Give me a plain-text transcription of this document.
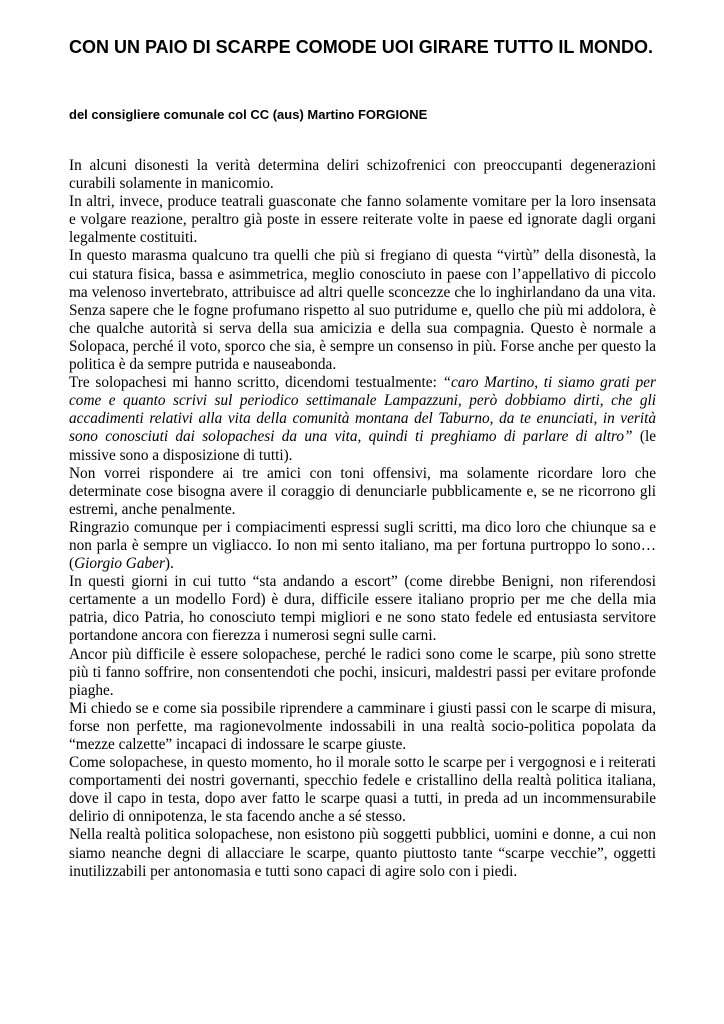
CON UN PAIO DI SCARPE COMODE UOI GIRARE TUTTO IL MONDO.

del consigliere comunale col CC (aus) Martino FORGIONE

In alcuni disonesti la verità determina deliri schizofrenici con preoccupanti degenerazioni curabili solamente in manicomio.

In altri, invece, produce teatrali guasconate che fanno solamente vomitare per la loro insensata e volgare reazione, peraltro già poste in essere reiterate volte in paese ed ignorate dagli organi legalmente costituiti.

In questo marasma qualcuno tra quelli che più si fregiano di questa “virtù” della disonestà, la cui statura fisica, bassa e asimmetrica, meglio conosciuto in paese con l’appellativo di piccolo ma velenoso invertebrato, attribuisce ad altri quelle sconcezze che lo inghirlandano da una vita. Senza sapere che le fogne profumano rispetto al suo putridume e, quello che più mi addolora, è che qualche autorità si serva della sua amicizia e della sua compagnia. Questo è normale a Solopaca, perché il voto, sporco che sia, è sempre un consenso in più. Forse anche per questo la politica è da sempre putrida e nauseabonda.

Tre solopachesi mi hanno scritto, dicendomi testualmente: “caro Martino, ti siamo grati per come e quanto scrivi sul periodico settimanale Lampazzuni, però dobbiamo dirti, che gli accadimenti relativi alla vita della comunità montana del Taburno, da te enunciati, in verità sono conosciuti dai solopachesi da una vita, quindi ti preghiamo di parlare di altro” (le missive sono a disposizione di tutti).

Non vorrei rispondere ai tre amici con toni offensivi, ma solamente ricordare loro che determinate cose bisogna avere il coraggio di denunciarle pubblicamente e, se ne ricorrono gli estremi, anche penalmente.

Ringrazio comunque per i compiacimenti espressi sugli scritti, ma dico loro che chiunque sa e non parla è sempre un vigliacco. Io non mi sento italiano, ma per fortuna purtroppo lo sono… (Giorgio Gaber).

In questi giorni in cui tutto “sta andando a escort” (come direbbe Benigni, non riferendosi certamente a un modello Ford) è dura, difficile essere italiano proprio per me che della mia patria, dico Patria, ho conosciuto tempi migliori e ne sono stato fedele ed entusiasta servitore portandone ancora con fierezza i numerosi segni sulle carni.

Ancor più difficile è essere solopachese, perché le radici sono come le scarpe, più sono strette più ti fanno soffrire, non consentendoti che pochi, insicuri, maldestri passi per evitare profonde piaghe.

Mi chiedo se e come sia possibile riprendere a camminare i giusti passi con le scarpe di misura, forse non perfette, ma ragionevolmente indossabili in una realtà socio-politica popolata da “mezze calzette” incapaci di indossare le scarpe giuste.

Come solopachese, in questo momento, ho il morale sotto le scarpe per i vergognosi e i reiterati comportamenti dei nostri governanti, specchio fedele e cristallino della realtà politica italiana, dove il capo in testa, dopo aver fatto le scarpe quasi a tutti, in preda ad un incommensurabile delirio di onnipotenza, le sta facendo anche a sé stesso.

Nella realtà politica solopachese, non esistono più soggetti pubblici, uomini e donne, a cui non siamo neanche degni di allacciare le scarpe, quanto piuttosto tante “scarpe vecchie”, oggetti inutilizzabili per antonomasia e tutti sono capaci di agire solo con i piedi.
